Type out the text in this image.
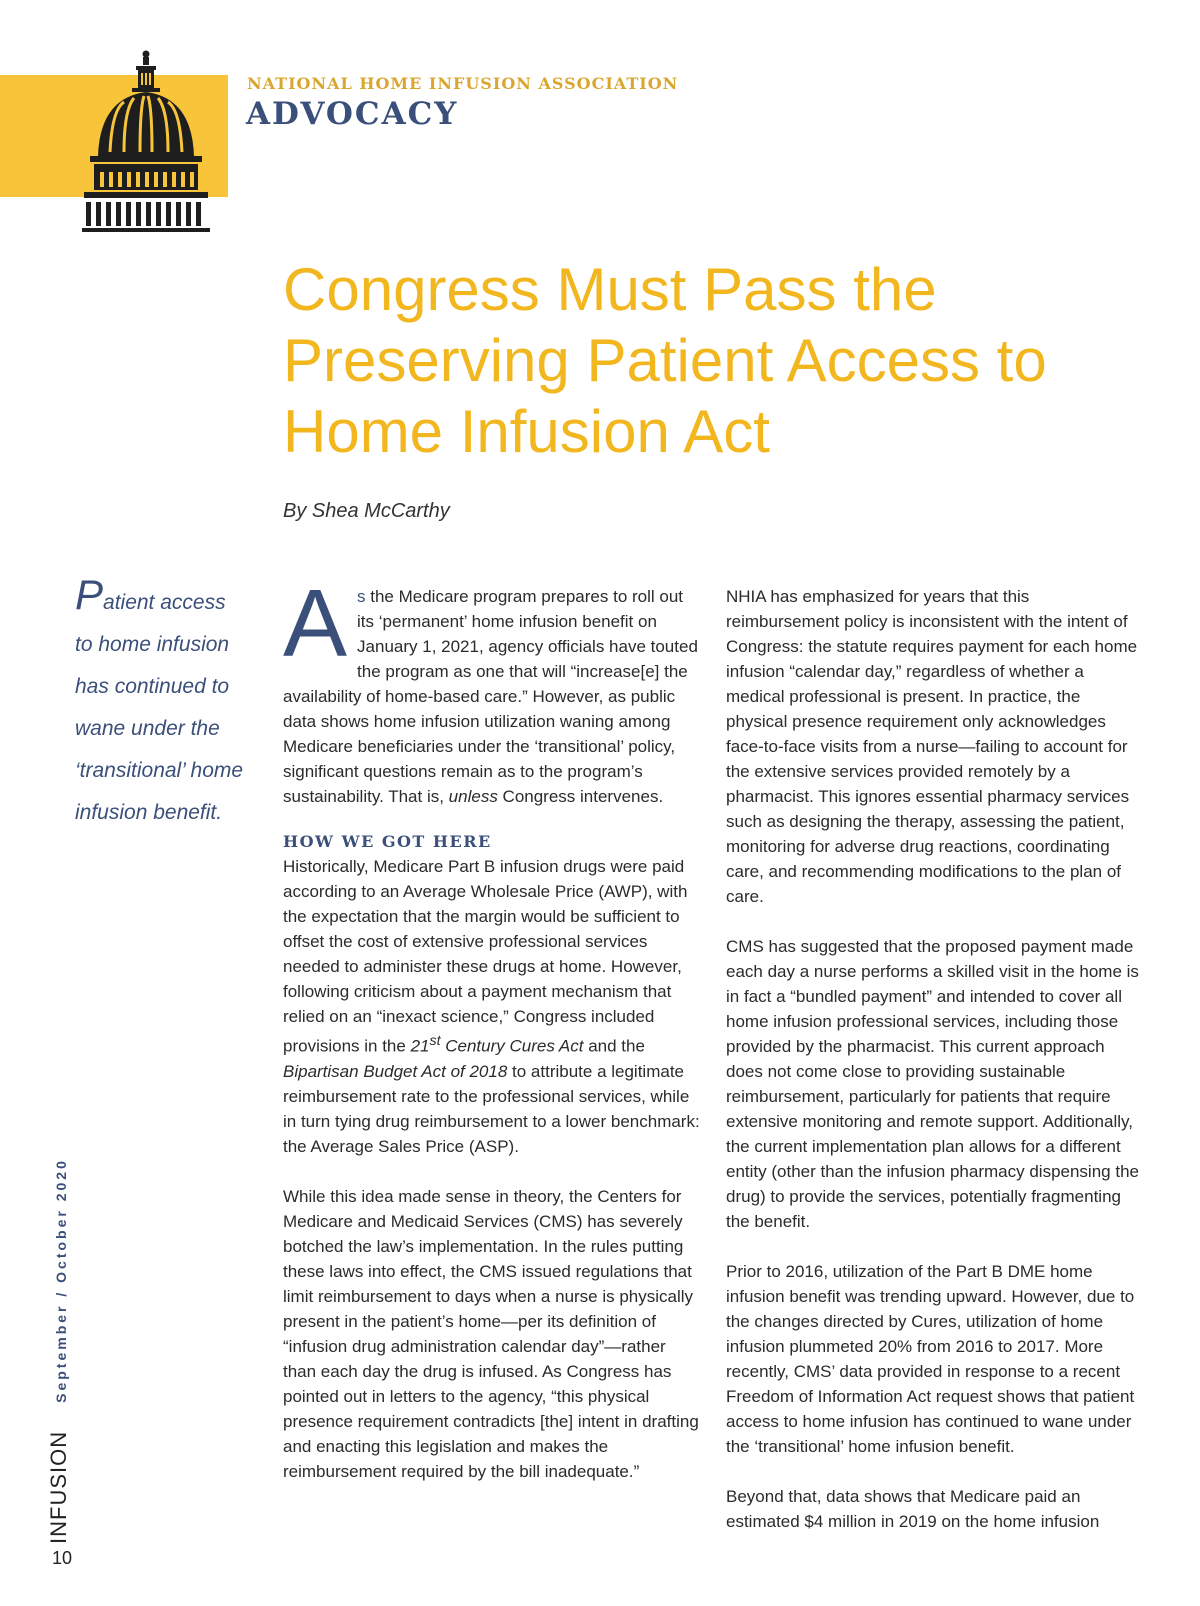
NATIONAL HOME INFUSION ASSOCIATION
ADVOCACY
Congress Must Pass the Preserving Patient Access to Home Infusion Act
By Shea McCarthy
Patient access to home infusion has continued to wane under the ‘transitional’ home infusion benefit.

As the Medicare program prepares to roll out its ‘permanent’ home infusion benefit on January 1, 2021, agency officials have touted the program as one that will “increase[e] the availability of home-based care.” However, as public data shows home infusion utilization waning among Medicare beneficiaries under the ‘transitional’ policy, significant questions remain as to the program’s sustainability. That is, unless Congress intervenes.

HOW WE GOT HERE

Historically, Medicare Part B infusion drugs were paid according to an Average Wholesale Price (AWP), with the expectation that the margin would be sufficient to offset the cost of extensive professional services needed to administer these drugs at home. However, following criticism about a payment mechanism that relied on an “inexact science,” Congress included provisions in the 21st Century Cures Act and the Bipartisan Budget Act of 2018 to attribute a legitimate reimbursement rate to the professional services, while in turn tying drug reimbursement to a lower benchmark: the Average Sales Price (ASP).

While this idea made sense in theory, the Centers for Medicare and Medicaid Services (CMS) has severely botched the law’s implementation. In the rules putting these laws into effect, the CMS issued regulations that limit reimbursement to days when a nurse is physically present in the patient’s home—per its definition of “infusion drug administration calendar day”—rather than each day the drug is infused. As Congress has pointed out in letters to the agency, “this physical presence requirement contradicts [the] intent in drafting and enacting this legislation and makes the reimbursement required by the bill inadequate.”

NHIA has emphasized for years that this reimbursement policy is inconsistent with the intent of Congress: the statute requires payment for each home infusion “calendar day,” regardless of whether a medical professional is present. In practice, the physical presence requirement only acknowledges face-to-face visits from a nurse—failing to account for the extensive services provided remotely by a pharmacist. This ignores essential pharmacy services such as designing the therapy, assessing the patient, monitoring for adverse drug reactions, coordinating care, and recommending modifications to the plan of care.

CMS has suggested that the proposed payment made each day a nurse performs a skilled visit in the home is in fact a “bundled payment” and intended to cover all home infusion professional services, including those provided by the pharmacist. This current approach does not come close to providing sustainable reimbursement, particularly for patients that require extensive monitoring and remote support. Additionally, the current implementation plan allows for a different entity (other than the infusion pharmacy dispensing the drug) to provide the services, potentially fragmenting the benefit.

Prior to 2016, utilization of the Part B DME home infusion benefit was trending upward. However, due to the changes directed by Cures, utilization of home infusion plummeted 20% from 2016 to 2017. More recently, CMS’ data provided in response to a recent Freedom of Information Act request shows that patient access to home infusion has continued to wane under the ‘transitional’ home infusion benefit.

Beyond that, data shows that Medicare paid an estimated $4 million in 2019 on the home infusion

INFUSIONSeptember / October 2020
10
